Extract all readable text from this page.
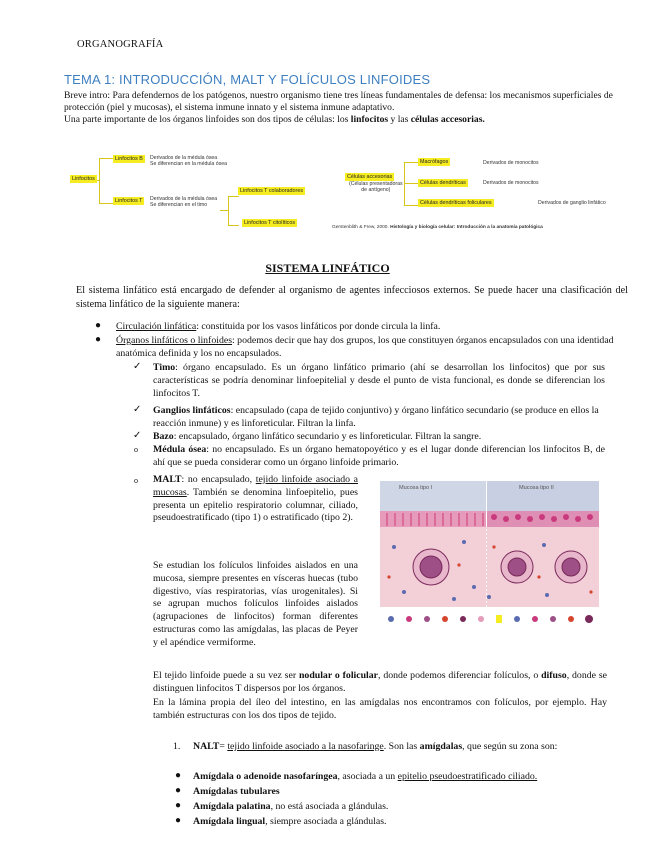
ORGANOGRAFÍA
TEMA 1: INTRODUCCIÓN, MALT Y FOLÍCULOS LINFOIDES
Breve intro: Para defendernos de los patógenos, nuestro organismo tiene tres líneas fundamentales de defensa: los mecanismos superficiales de protección (piel y mucosas), el sistema inmune innato y el sistema inmune adaptativo.
Una parte importante de los órganos linfoides son dos tipos de células: los linfocitos y las células accesorias.
Linfocitos
Linfocitos B	Derivados de la médula ósea
Se diferencian en la médula ósea
Linfocitos T	Derivados de la médula ósea
Se diferencian en el timo
Linfocitos T colaboradores
Linfocitos T citolíticos
Células accesorias
(Células presentadoras
de antígeno)
Macrófagos	Derivados de monocitos
Células dendríticas	Derivados de monocitos
Células dendríticas foliculares	Derivados de ganglio linfático
Gerstenblith & Frew, 2000. Histología y biología celular: Introducción a la anatomía patológica
SISTEMA LINFÁTICO
El sistema linfático está encargado de defender al organismo de agentes infecciosos externos. Se puede hacer una clasificación del sistema linfático de la siguiente manera:
● Circulación linfática: constituida por los vasos linfáticos por donde circula la linfa.
● Órganos linfáticos o linfoides: podemos decir que hay dos grupos, los que constituyen órganos encapsulados con una identidad anatómica definida y los no encapsulados.
✓ Timo: órgano encapsulado. Es un órgano linfático primario (ahí se desarrollan los linfocitos) que por sus características se podría denominar linfoepitelial y desde el punto de vista funcional, es donde se diferencian los linfocitos T.
✓ Ganglios linfáticos: encapsulado (capa de tejido conjuntivo) y órgano linfático secundario (se produce en ellos la reacción inmune) y es linforeticular. Filtran la linfa.
✓ Bazo: encapsulado, órgano linfático secundario y es linforeticular. Filtran la sangre.
o Médula ósea: no encapsulado. Es un órgano hematopoyético y es el lugar donde diferencian los linfocitos B, de ahí que se pueda considerar como un órgano linfoide primario.
o MALT: no encapsulado, tejido linfoide asociado a mucosas. También se denomina linfoepitelio, pues presenta un epitelio respiratorio columnar, ciliado, pseudoestratificado (tipo 1) o estratificado (tipo 2).
Se estudian los folículos linfoides aislados en una mucosa, siempre presentes en vísceras huecas (tubo digestivo, vías respiratorias, vías urogenitales). Si se agrupan muchos folículos linfoides aislados (agrupaciones de linfocitos) forman diferentes estructuras como las amígdalas, las placas de Peyer y el apéndice vermiforme.
El tejido linfoide puede a su vez ser nodular o folicular, donde podemos diferenciar folículos, o difuso, donde se distinguen linfocitos T dispersos por los órganos.
En la lámina propia del íleo del intestino, en las amígdalas nos encontramos con folículos, por ejemplo. Hay también estructuras con los dos tipos de tejido.
Mucosa tipo I	Mucosa tipo II
1. NALT= tejido linfoide asociado a la nasofaringe. Son las amígdalas, que según su zona son:
● Amígdala o adenoide nasofaríngea, asociada a un epitelio pseudoestratificado ciliado.
● Amígdalas tubulares
● Amígdala palatina, no está asociada a glándulas.
● Amígdala lingual, siempre asociada a glándulas.
